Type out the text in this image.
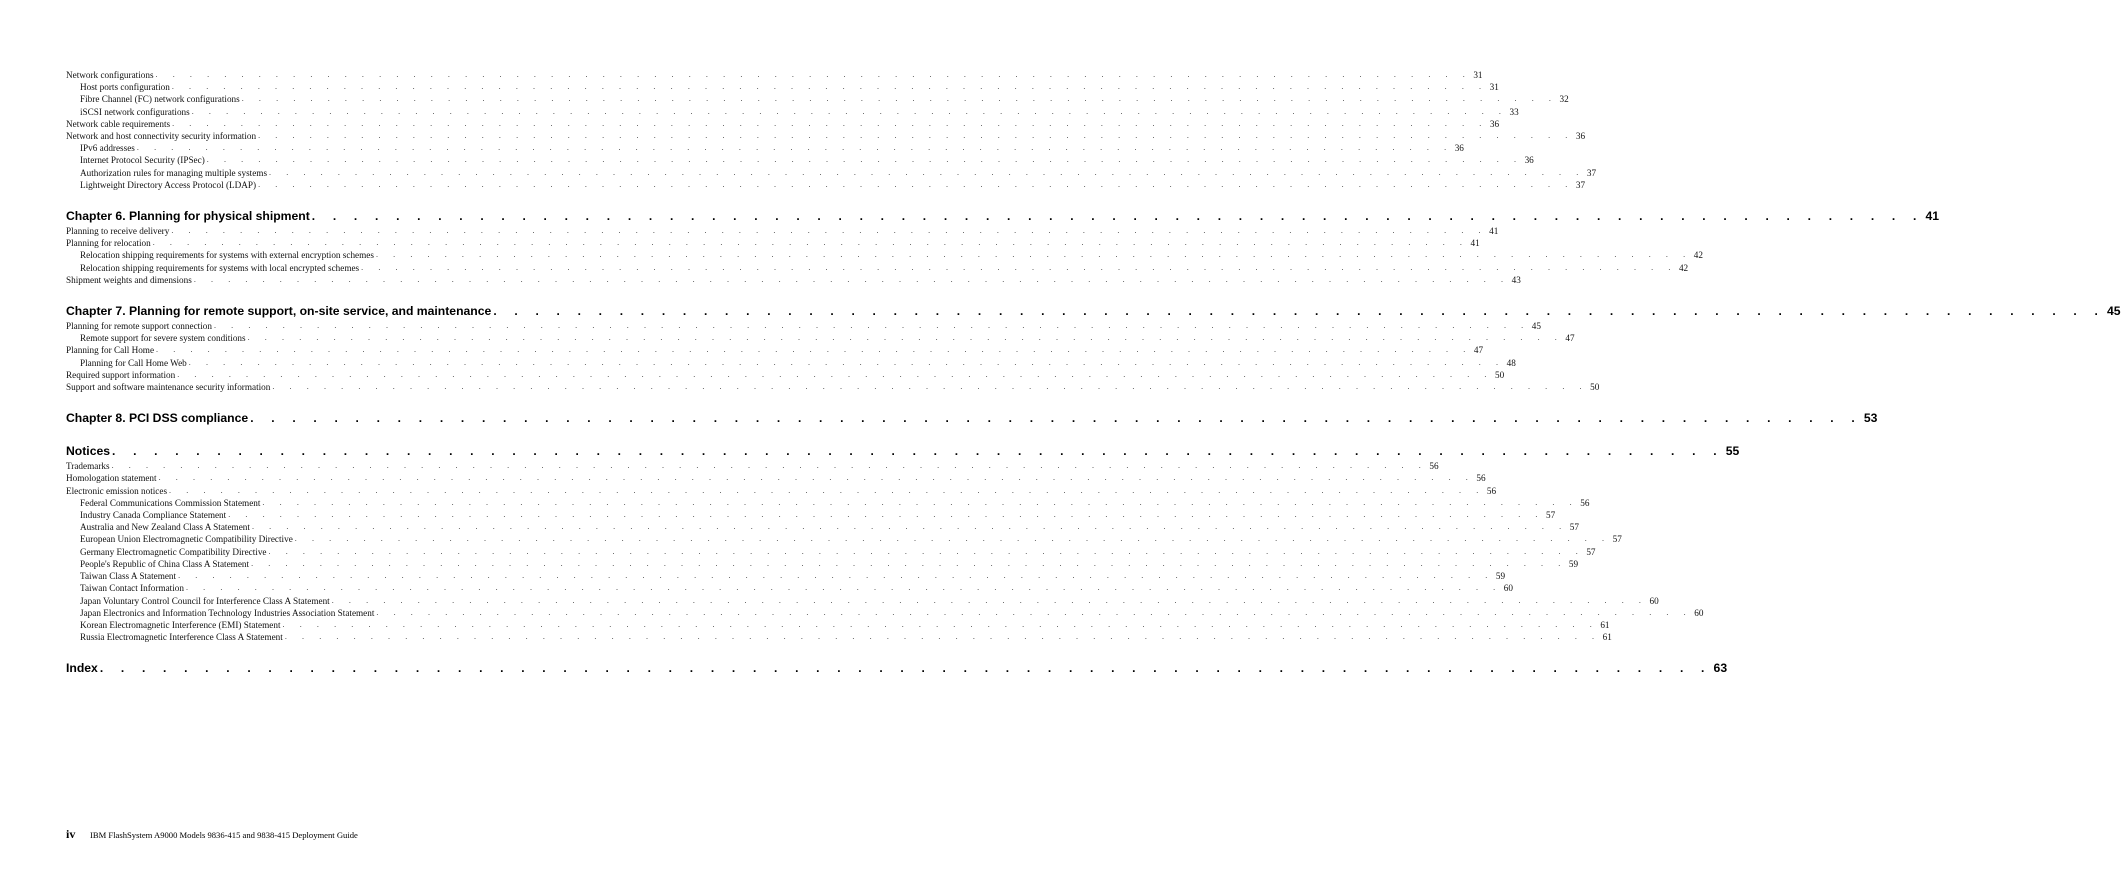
Network configurations . . . . . . . . . . . . . . . . . . . . . . . . . . . . . . . . . . . . . . . . . . . . . . . . . . . . . . . . . . . . . . . . . . . . . . . . . . . . . 31
Host ports configuration . . . . . . . . . . . . . . . . . . . . . . . . . . . . . . . . . . . . . . . . . . . . . . . . . . . . . . . . . . . . . . . . . . . . . . . . . . . . . 31
Fibre Channel (FC) network configurations . . . . . . . . . . . . . . . . . . . . . . . . . . . . . . . . . . . . . . . . . . . . . . . . . . . . . . . . . . . . . . . . . . . . . . . . . . . . . 32
iSCSI network configurations . . . . . . . . . . . . . . . . . . . . . . . . . . . . . . . . . . . . . . . . . . . . . . . . . . . . . . . . . . . . . . . . . . . . . . . . . . . . . 33
Network cable requirements . . . . . . . . . . . . . . . . . . . . . . . . . . . . . . . . . . . . . . . . . . . . . . . . . . . . . . . . . . . . . . . . . . . . . . . . . . . . . 36
Network and host connectivity security information . . . . . . . . . . . . . . . . . . . . . . . . . . . . . . . . . . . . . . . . . . . . . . . . . . . . . . . . . . . . . . . . . . . . . . . . . . . . . 36
IPv6 addresses . . . . . . . . . . . . . . . . . . . . . . . . . . . . . . . . . . . . . . . . . . . . . . . . . . . . . . . . . . . . . . . . . . . . . . . . . . . . . 36
Internet Protocol Security (IPSec) . . . . . . . . . . . . . . . . . . . . . . . . . . . . . . . . . . . . . . . . . . . . . . . . . . . . . . . . . . . . . . . . . . . . . . . . . . . . . 36
Authorization rules for managing multiple systems . . . . . . . . . . . . . . . . . . . . . . . . . . . . . . . . . . . . . . . . . . . . . . . . . . . . . . . . . . . . . . . . . . . . . . . . . . . . . 37
Lightweight Directory Access Protocol (LDAP) . . . . . . . . . . . . . . . . . . . . . . . . . . . . . . . . . . . . . . . . . . . . . . . . . . . . . . . . . . . . . . . . . . . . . . . . . . . . . 37
Chapter 6. Planning for physical shipment . . . . . . . . . . . . . . . . . . . . . . . . . . . . . . . . . . . . . . . . . . . . . . . . . . . . . . . . . . . . . . . . . . . . . . . . . . . . . 41
Planning to receive delivery . . . . . . . . . . . . . . . . . . . . . . . . . . . . . . . . . . . . . . . . . . . . . . . . . . . . . . . . . . . . . . . . . . . . . . . . . . . . . 41
Planning for relocation . . . . . . . . . . . . . . . . . . . . . . . . . . . . . . . . . . . . . . . . . . . . . . . . . . . . . . . . . . . . . . . . . . . . . . . . . . . . . 41
Relocation shipping requirements for systems with external encryption schemes . . . . . . . . . . . . . . . . . . . . . . . . . . . . . . . . . . . . . . . . . . . . . . . . . . . . . . . . . . . . . . . . . . . . . . . . . . . . . 42
Relocation shipping requirements for systems with local encrypted schemes . . . . . . . . . . . . . . . . . . . . . . . . . . . . . . . . . . . . . . . . . . . . . . . . . . . . . . . . . . . . . . . . . . . . . . . . . . . . . 42
Shipment weights and dimensions . . . . . . . . . . . . . . . . . . . . . . . . . . . . . . . . . . . . . . . . . . . . . . . . . . . . . . . . . . . . . . . . . . . . . . . . . . . . . 43
Chapter 7. Planning for remote support, on-site service, and maintenance . . . . . . . . . . . . . . . . . . . . . . . . . . . . . . . . . . . . . . . . . . . . . . . . . . . . . . . . . . . . . . . . . . . . . . . . . . . . . 45
Planning for remote support connection . . . . . . . . . . . . . . . . . . . . . . . . . . . . . . . . . . . . . . . . . . . . . . . . . . . . . . . . . . . . . . . . . . . . . . . . . . . . . 45
Remote support for severe system conditions . . . . . . . . . . . . . . . . . . . . . . . . . . . . . . . . . . . . . . . . . . . . . . . . . . . . . . . . . . . . . . . . . . . . . . . . . . . . . 47
Planning for Call Home . . . . . . . . . . . . . . . . . . . . . . . . . . . . . . . . . . . . . . . . . . . . . . . . . . . . . . . . . . . . . . . . . . . . . . . . . . . . . 47
Planning for Call Home Web . . . . . . . . . . . . . . . . . . . . . . . . . . . . . . . . . . . . . . . . . . . . . . . . . . . . . . . . . . . . . . . . . . . . . . . . . . . . . 48
Required support information . . . . . . . . . . . . . . . . . . . . . . . . . . . . . . . . . . . . . . . . . . . . . . . . . . . . . . . . . . . . . . . . . . . . . . . . . . . . . 50
Support and software maintenance security information . . . . . . . . . . . . . . . . . . . . . . . . . . . . . . . . . . . . . . . . . . . . . . . . . . . . . . . . . . . . . . . . . . . . . . . . . . . . . 50
Chapter 8. PCI DSS compliance . . . . . . . . . . . . . . . . . . . . . . . . . . . . . . . . . . . . . . . . . . . . . . . . . . . . . . . . . . . . . . . . . . . . . . . . . . . . . 53
Notices . . . . . . . . . . . . . . . . . . . . . . . . . . . . . . . . . . . . . . . . . . . . . . . . . . . . . . . . . . . . . . . . . . . . . . . . . . . . . 55
Trademarks . . . . . . . . . . . . . . . . . . . . . . . . . . . . . . . . . . . . . . . . . . . . . . . . . . . . . . . . . . . . . . . . . . . . . . . . . . . . . 56
Homologation statement . . . . . . . . . . . . . . . . . . . . . . . . . . . . . . . . . . . . . . . . . . . . . . . . . . . . . . . . . . . . . . . . . . . . . . . . . . . . . 56
Electronic emission notices . . . . . . . . . . . . . . . . . . . . . . . . . . . . . . . . . . . . . . . . . . . . . . . . . . . . . . . . . . . . . . . . . . . . . . . . . . . . . 56
Federal Communications Commission Statement . . . . . . . . . . . . . . . . . . . . . . . . . . . . . . . . . . . . . . . . . . . . . . . . . . . . . . . . . . . . . . . . . . . . . . . . . . . . . 56
Industry Canada Compliance Statement . . . . . . . . . . . . . . . . . . . . . . . . . . . . . . . . . . . . . . . . . . . . . . . . . . . . . . . . . . . . . . . . . . . . . . . . . . . . . 57
Australia and New Zealand Class A Statement . . . . . . . . . . . . . . . . . . . . . . . . . . . . . . . . . . . . . . . . . . . . . . . . . . . . . . . . . . . . . . . . . . . . . . . . . . . . . 57
European Union Electromagnetic Compatibility Directive . . . . . . . . . . . . . . . . . . . . . . . . . . . . . . . . . . . . . . . . . . . . . . . . . . . . . . . . . . . . . . . . . . . . . . . . . . . . . 57
Germany Electromagnetic Compatibility Directive . . . . . . . . . . . . . . . . . . . . . . . . . . . . . . . . . . . . . . . . . . . . . . . . . . . . . . . . . . . . . . . . . . . . . . . . . . . . . 57
People's Republic of China Class A Statement . . . . . . . . . . . . . . . . . . . . . . . . . . . . . . . . . . . . . . . . . . . . . . . . . . . . . . . . . . . . . . . . . . . . . . . . . . . . . 59
Taiwan Class A Statement . . . . . . . . . . . . . . . . . . . . . . . . . . . . . . . . . . . . . . . . . . . . . . . . . . . . . . . . . . . . . . . . . . . . . . . . . . . . . 59
Taiwan Contact Information . . . . . . . . . . . . . . . . . . . . . . . . . . . . . . . . . . . . . . . . . . . . . . . . . . . . . . . . . . . . . . . . . . . . . . . . . . . . . 60
Japan Voluntary Control Council for Interference Class A Statement . . . . . . . . . . . . . . . . . . . . . . . . . . . . . . . . . . . . . . . . . . . . . . . . . . . . . . . . . . . . . . . . . . . . . . . . . . . . . 60
Japan Electronics and Information Technology Industries Association Statement . . . . . . . . . . . . . . . . . . . . . . . . . . . . . . . . . . . . . . . . . . . . . . . . . . . . . . . . . . . . . . . . . . . . . . . . . . . . . 60
Korean Electromagnetic Interference (EMI) Statement . . . . . . . . . . . . . . . . . . . . . . . . . . . . . . . . . . . . . . . . . . . . . . . . . . . . . . . . . . . . . . . . . . . . . . . . . . . . . 61
Russia Electromagnetic Interference Class A Statement . . . . . . . . . . . . . . . . . . . . . . . . . . . . . . . . . . . . . . . . . . . . . . . . . . . . . . . . . . . . . . . . . . . . . . . . . . . . . 61
Index . . . . . . . . . . . . . . . . . . . . . . . . . . . . . . . . . . . . . . . . . . . . . . . . . . . . . . . . . . . . . . . . . . . . . . . . . . . . . 63
iv	IBM FlashSystem A9000 Models 9836-415 and 9838-415 Deployment Guide
